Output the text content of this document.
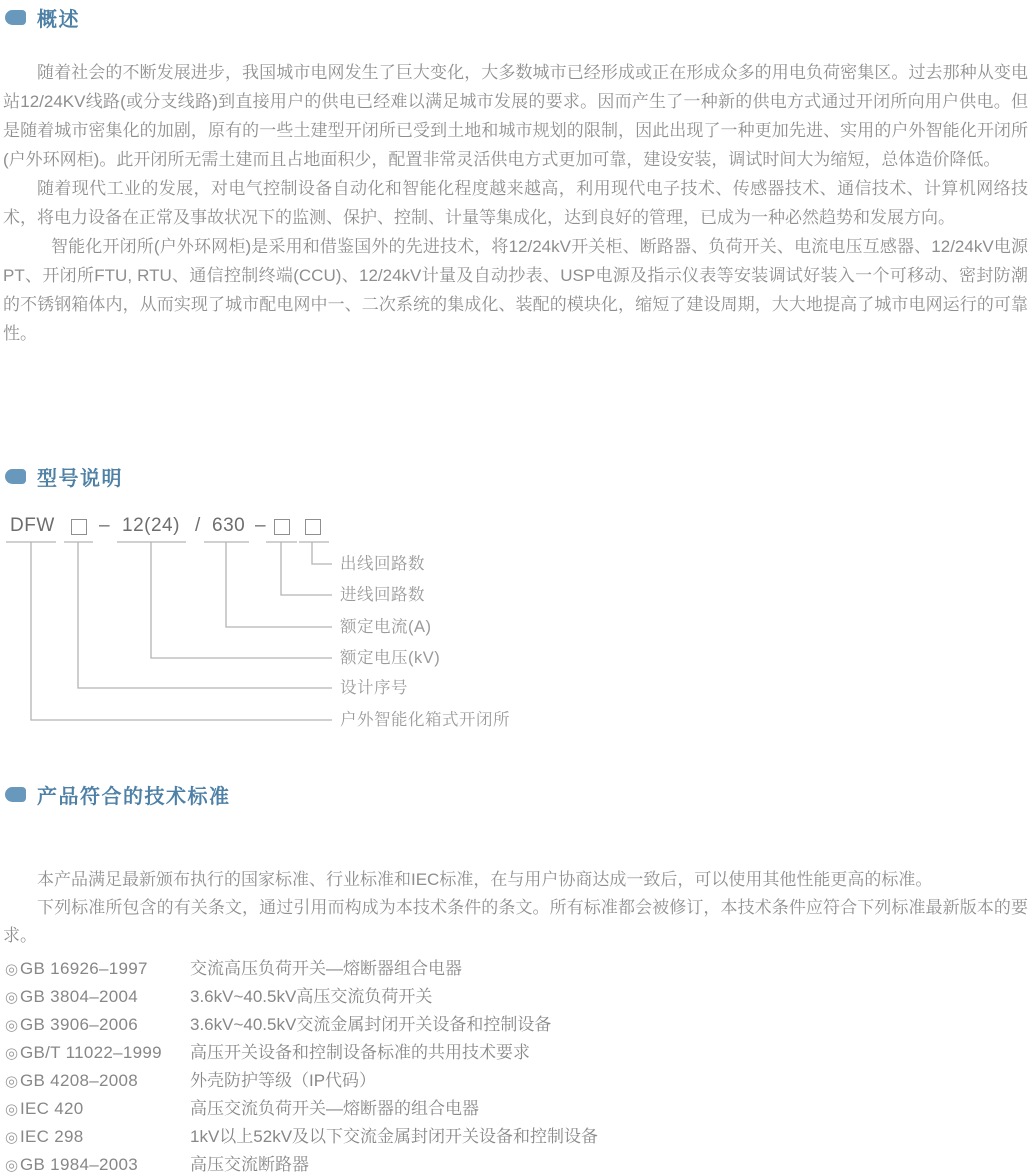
概述

随着社会的不断发展进步，我国城市电网发生了巨大变化，大多数城市已经形成或正在形成众多的用电负荷密集区。过去那种从变电站12/24KV线路(或分支线路)到直接用户的供电已经难以满足城市发展的要求。因而产生了一种新的供电方式通过开闭所向用户供电。但是随着城市密集化的加剧，原有的一些土建型开闭所已受到土地和城市规划的限制，因此出现了一种更加先进、实用的户外智能化开闭所(户外环网柜)。此开闭所无需土建而且占地面积少，配置非常灵活供电方式更加可靠，建设安装，调试时间大为缩短，总体造价降低。

随着现代工业的发展，对电气控制设备自动化和智能化程度越来越高，利用现代电子技术、传感器技术、通信技术、计算机网络技术，将电力设备在正常及事故状况下的监测、保护、控制、计量等集成化，达到良好的管理，已成为一种必然趋势和发展方向。

智能化开闭所(户外环网柜)是采用和借鉴国外的先进技术，将12/24kV开关柜、断路器、负荷开关、电流电压互感器、12/24kV电源PT、开闭所FTU, RTU、通信控制终端(CCU)、12/24kV计量及自动抄表、USP电源及指示仪表等安装调试好装入一个可移动、密封防潮的不锈钢箱体内，从而实现了城市配电网中一、二次系统的集成化、装配的模块化，缩短了建设周期，大大地提高了城市电网运行的可靠性。

型号说明
DFW – 12(24) / 630 –
出线回路数
进线回路数
额定电流(A)
额定电压(kV)
设计序号
户外智能化箱式开闭所
产品符合的技术标准

本产品满足最新颁布执行的国家标准、行业标准和IEC标准，在与用户协商达成一致后，可以使用其他性能更高的标准。

下列标准所包含的有关条文，通过引用而构成为本技术条件的条文。所有标准都会被修订，本技术条件应符合下列标准最新版本的要求。

◎ GB 16926–1997	交流高压负荷开关—熔断器组合电器
◎ GB 3804–2004	3.6kV~40.5kV高压交流负荷开关
◎ GB 3906–2006	3.6kV~40.5kV交流金属封闭开关设备和控制设备
◎ GB/T 11022–1999	高压开关设备和控制设备标准的共用技术要求
◎ GB 4208–2008	外壳防护等级（IP代码）
◎ IEC 420	高压交流负荷开关—熔断器的组合电器
◎ IEC 298	1kV以上52kV及以下交流金属封闭开关设备和控制设备
◎ GB 1984–2003	高压交流断路器
